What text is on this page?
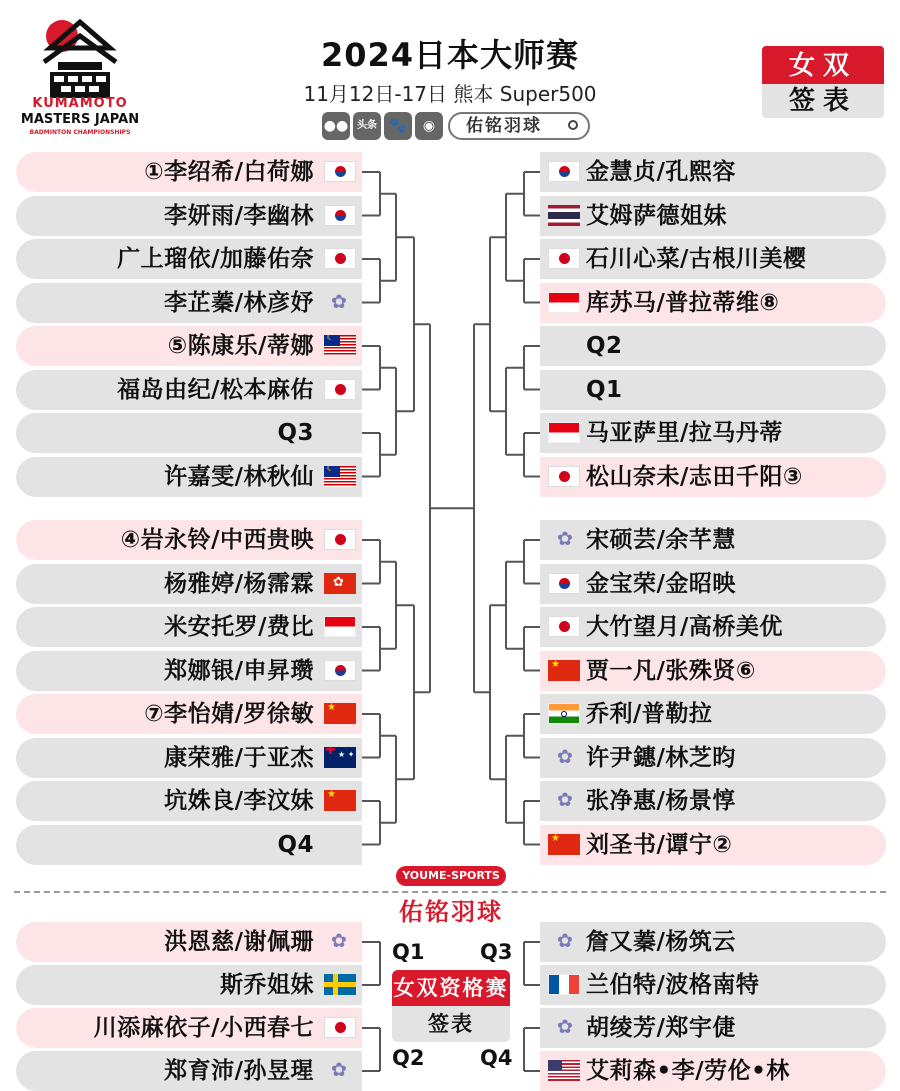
KUMAMOTO
MASTERS JAPAN
BADMINTON CHAMPIONSHIPS
2024日本大师赛
11月12日-17日 熊本 Super500
●● 头条 🐾	◉	佑铭羽球
女双
签表
①李绍希/白荷娜
李妍雨/李幽林
广上瑠依/加藤佑奈
李芷蓁/林彦妤
✿
⑤陈康乐/蒂娜
☾
福岛由纪/松本麻佑
Q3
许嘉雯/林秋仙
☾
④岩永铃/中西贵映
杨雅婷/杨霈霖
✿
米安托罗/费比
郑娜银/申昇瓒
⑦李怡婧/罗徐敏
★
康荣雅/于亚杰
✚ ★ ✦
坑姝良/李汶妹
★
Q4
金慧贞/孔熙容
艾姆萨德姐妹
石川心菜/古根川美樱
库苏马/普拉蒂维⑧
Q2
Q1
马亚萨里/拉马丹蒂
松山奈未/志田千阳③
宋硕芸/余芊慧
✿
金宝荣/金昭映
大竹望月/高桥美优
贾一凡/张殊贤⑥
★
乔利/普勒拉
许尹鏸/林芝昀
✿
张净惠/杨景惇
✿
刘圣书/谭宁②
★
YOUME-SPORTS
佑铭羽球
洪恩慈/谢佩珊
✿
斯乔姐妹
川添麻依子/小西春七
郑育沛/孙昱瑆
✿
詹又蓁/杨筑云
✿
兰伯特/波格南特
胡绫芳/郑宇倢
✿
艾莉森•李/劳伦•林
女双资格赛
签表
Q1	Q3
Q2	Q4
